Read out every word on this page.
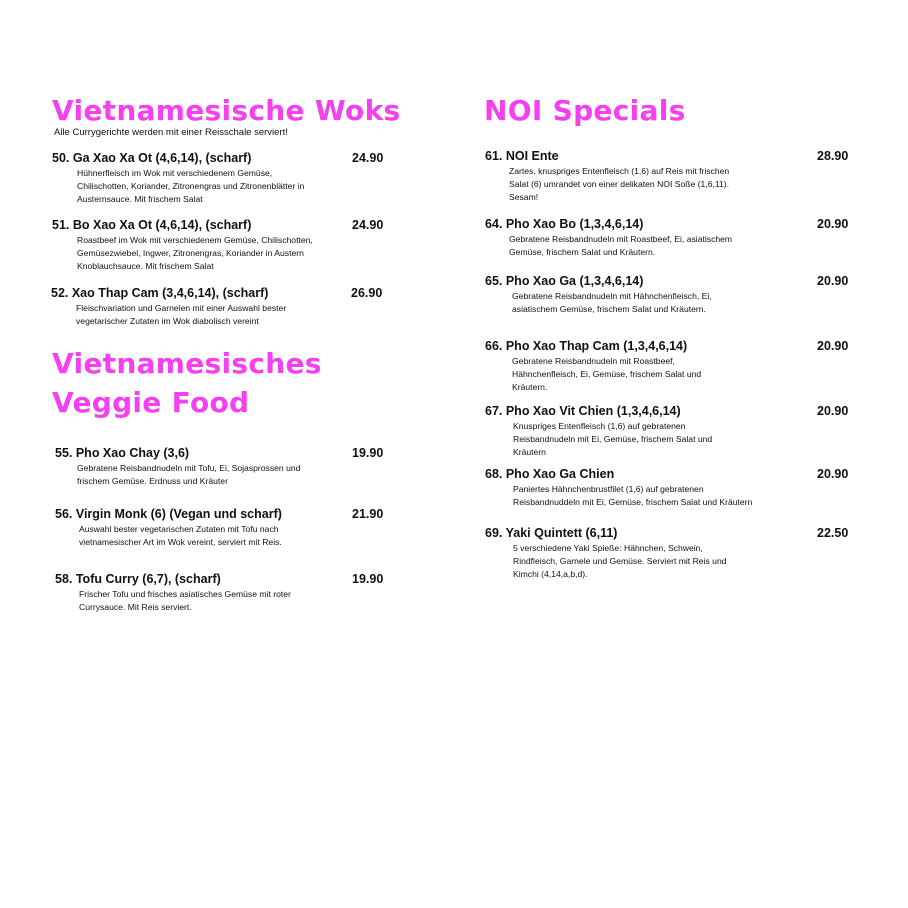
Vietnamesische Woks

Alle Currygerichte werden mit einer Reisschale serviert!

50. Ga Xao Xa Ot (4,6,14), (scharf)	24.90

Hühnerfleisch im Wok mit verschiedenem Gemüse, Chilischotten, Koriander, Zitronengras und Zitronenblätter in Austernsauce. Mit frischem Salat

51. Bo Xao Xa Ot (4,6,14), (scharf)	24.90

Roastbeef im Wok mit verschiedenem Gemüse, Chilischotten, Gemüsezwiebel, Ingwer, Zitronengras, Koriander in Austern Knoblauchsauce. Mit frischem Salat

52. Xao Thap Cam (3,4,6,14), (scharf)	26.90

Fleischvariation und Garnelen mit einer Auswahl bester vegetarischer Zutaten im Wok diabolisch vereint

Vietnamesisches
Veggie Food
55. Pho Xao Chay (3,6)	19.90

Gebratene Reisbandnudeln mit Tofu, Ei, Sojasprossen und frischem Gemüse. Erdnuss und Kräuter

56. Virgin Monk (6) (Vegan und scharf)	21.90

Auswahl bester vegetarischen Zutaten mit Tofu nach vietnamesischer Art im Wok vereint, serviert mit Reis.

58. Tofu Curry (6,7), (scharf)	19.90

Frischer Tofu und frisches asiatisches Gemüse mit roter Currysauce. Mit Reis serviert.

NOI Specials
61. NOI Ente	28.90

Zartes, knuspriges Entenfleisch (1,6) auf Reis mit frischen Salat (6) umrandet von einer delikaten NOI Soße (1,6,11). Sesam!

64. Pho Xao Bo (1,3,4,6,14)	20.90

Gebratene Reisbandnudeln mit Roastbeef, Ei, asiatischem Gemüse, frischem Salat und Kräutern.

65. Pho Xao Ga (1,3,4,6,14)	20.90

Gebratene Reisbandnudeln mit Hähnchenfleisch, Ei, asiatischem Gemüse, frischem Salat und Kräutern.

66. Pho Xao Thap Cam (1,3,4,6,14)	20.90

Gebratene Reisbandnudeln mit Roastbeef, Hähnchenfleisch, Ei, Gemüse, frischem Salat und Kräutern.

67. Pho Xao Vit Chien (1,3,4,6,14)	20.90

Knuspriges Entenfleisch (1,6) auf gebratenen Reisbandnudeln mit Ei, Gemüse, frischem Salat und Kräutern

68. Pho Xao Ga Chien	20.90

Paniertes Hähnchenbrustfilet (1,6) auf gebratenen Reisbandnuddeln mit Ei, Gemüse, frischem Salat und Kräutern

69. Yaki Quintett (6,11)	22.50

5 verschiedene Yaki Spieße: Hähnchen, Schwein, Rindfleisch, Garnele und Gemüse. Serviert mit Reis und Kimchi (4,14,a,b,d).
